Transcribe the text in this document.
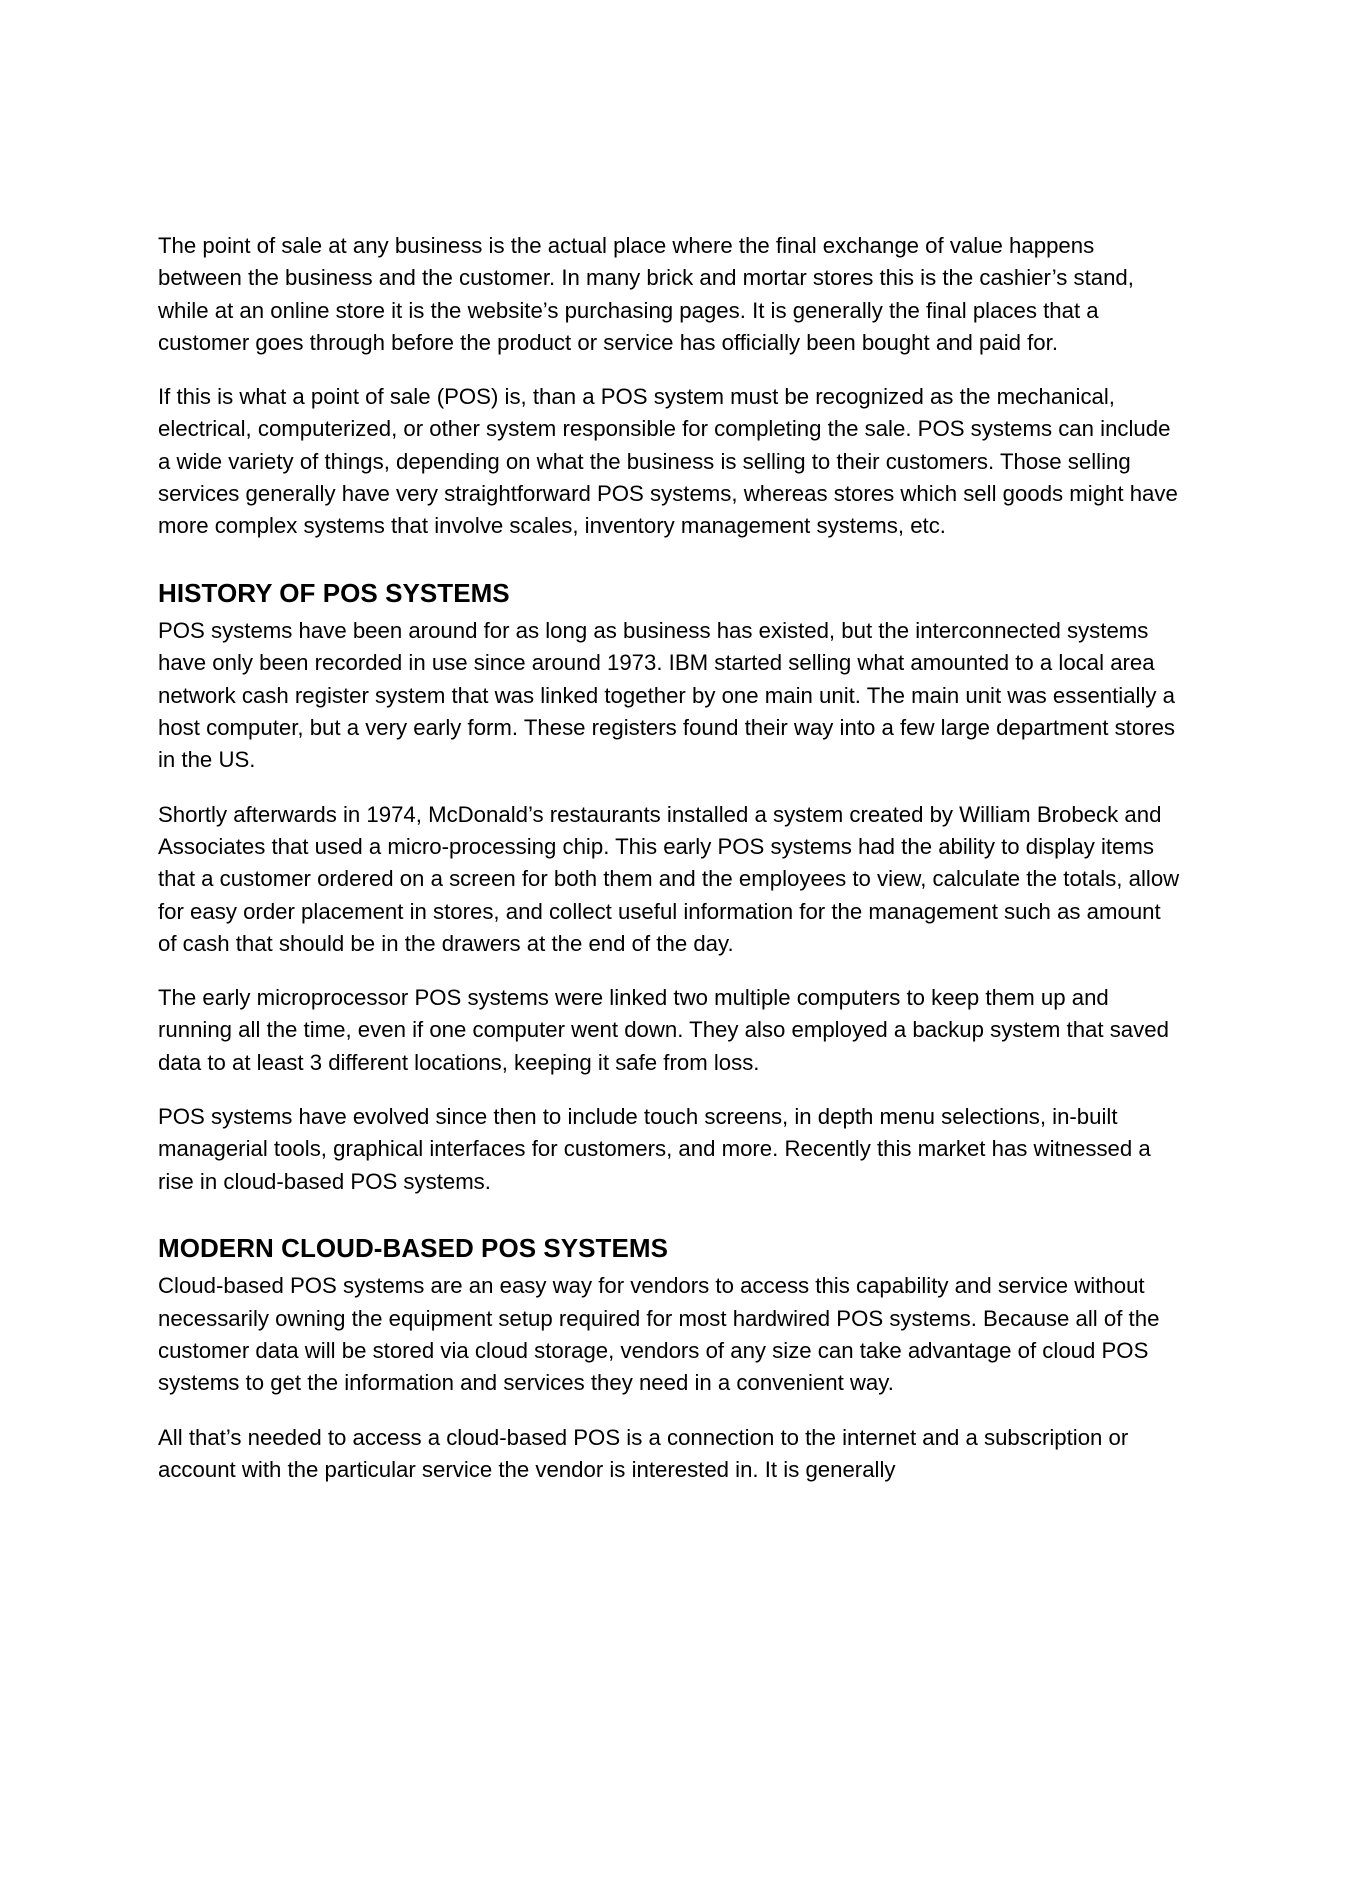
The point of sale at any business is the actual place where the final exchange of value happens between the business and the customer. In many brick and mortar stores this is the cashier’s stand, while at an online store it is the website’s purchasing pages. It is generally the final places that a customer goes through before the product or service has officially been bought and paid for.

If this is what a point of sale (POS) is, than a POS system must be recognized as the mechanical, electrical, computerized, or other system responsible for completing the sale. POS systems can include a wide variety of things, depending on what the business is selling to their customers. Those selling services generally have very straightforward POS systems, whereas stores which sell goods might have more complex systems that involve scales, inventory management systems, etc.

HISTORY OF POS SYSTEMS

POS systems have been around for as long as business has existed, but the interconnected systems have only been recorded in use since around 1973. IBM started selling what amounted to a local area network cash register system that was linked together by one main unit. The main unit was essentially a host computer, but a very early form. These registers found their way into a few large department stores in the US.

Shortly afterwards in 1974, McDonald’s restaurants installed a system created by William Brobeck and Associates that used a micro-processing chip. This early POS systems had the ability to display items that a customer ordered on a screen for both them and the employees to view, calculate the totals, allow for easy order placement in stores, and collect useful information for the management such as amount of cash that should be in the drawers at the end of the day.

The early microprocessor POS systems were linked two multiple computers to keep them up and running all the time, even if one computer went down. They also employed a backup system that saved data to at least 3 different locations, keeping it safe from loss.

POS systems have evolved since then to include touch screens, in depth menu selections, in-built managerial tools, graphical interfaces for customers, and more. Recently this market has witnessed a rise in cloud-based POS systems.

MODERN CLOUD-BASED POS SYSTEMS

Cloud-based POS systems are an easy way for vendors to access this capability and service without necessarily owning the equipment setup required for most hardwired POS systems. Because all of the customer data will be stored via cloud storage, vendors of any size can take advantage of cloud POS systems to get the information and services they need in a convenient way.

All that’s needed to access a cloud-based POS is a connection to the internet and a subscription or account with the particular service the vendor is interested in. It is generally
